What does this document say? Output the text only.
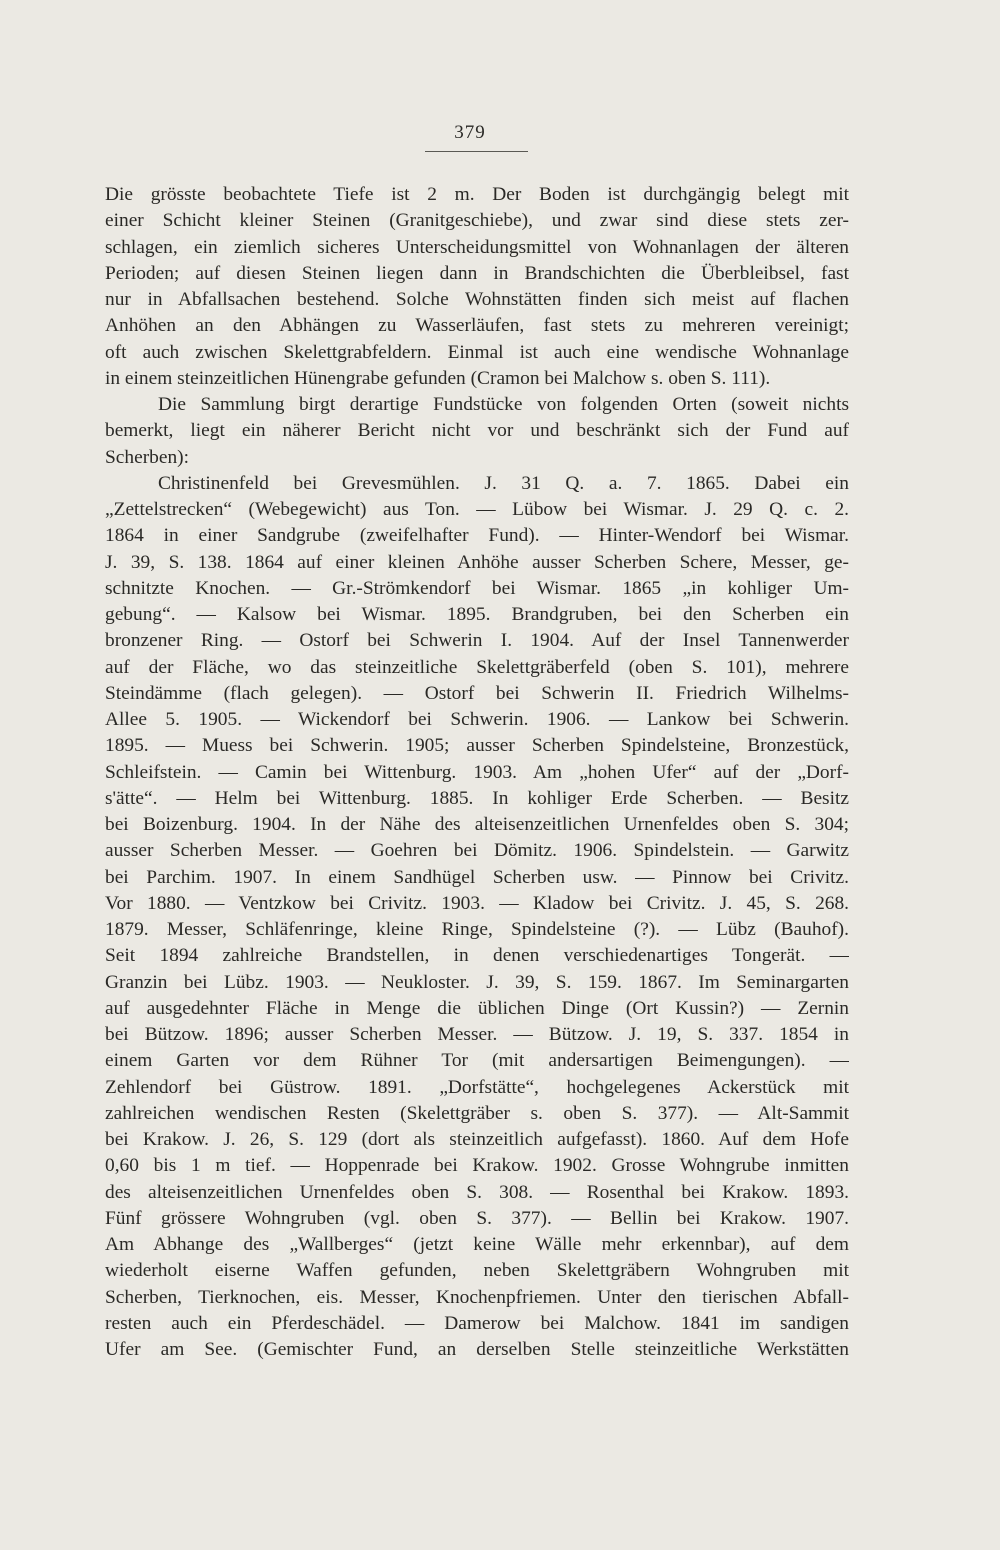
379

Die grösste beobachtete Tiefe ist 2 m. Der Boden ist durchgängig belegt mit
einer Schicht kleiner Steinen (Granitgeschiebe), und zwar sind diese stets zer-
schlagen, ein ziemlich sicheres Unterscheidungsmittel von Wohnanlagen der älteren
Perioden; auf diesen Steinen liegen dann in Brandschichten die Überbleibsel, fast
nur in Abfallsachen bestehend. Solche Wohnstätten finden sich meist auf flachen
Anhöhen an den Abhängen zu Wasserläufen, fast stets zu mehreren vereinigt;
oft auch zwischen Skelettgrabfeldern. Einmal ist auch eine wendische Wohnanlage
in einem steinzeitlichen Hünengrabe gefunden (Cramon bei Malchow s. oben S. 111).

Die Sammlung birgt derartige Fundstücke von folgenden Orten (soweit nichts
bemerkt, liegt ein näherer Bericht nicht vor und beschränkt sich der Fund auf
Scherben):

Christinenfeld bei Grevesmühlen. J. 31 Q. a. 7. 1865. Dabei ein
„Zettelstrecken“ (Webegewicht) aus Ton. — Lübow bei Wismar. J. 29 Q. c. 2.
1864 in einer Sandgrube (zweifelhafter Fund). — Hinter-Wendorf bei Wismar.
J. 39, S. 138. 1864 auf einer kleinen Anhöhe ausser Scherben Schere, Messer, ge-
schnitzte Knochen. — Gr.-Strömkendorf bei Wismar. 1865 „in kohliger Um-
gebung“. — Kalsow bei Wismar. 1895. Brandgruben, bei den Scherben ein
bronzener Ring. — Ostorf bei Schwerin I. 1904. Auf der Insel Tannenwerder
auf der Fläche, wo das steinzeitliche Skelettgräberfeld (oben S. 101), mehrere
Steindämme (flach gelegen). — Ostorf bei Schwerin II. Friedrich Wilhelms-
Allee 5. 1905. — Wickendorf bei Schwerin. 1906. — Lankow bei Schwerin.
1895. — Muess bei Schwerin. 1905; ausser Scherben Spindelsteine, Bronzestück,
Schleifstein. — Camin bei Wittenburg. 1903. Am „hohen Ufer“ auf der „Dorf-
s'ätte“. — Helm bei Wittenburg. 1885. In kohliger Erde Scherben. — Besitz
bei Boizenburg. 1904. In der Nähe des alteisenzeitlichen Urnenfeldes oben S. 304;
ausser Scherben Messer. — Goehren bei Dömitz. 1906. Spindelstein. — Garwitz
bei Parchim. 1907. In einem Sandhügel Scherben usw. — Pinnow bei Crivitz.
Vor 1880. — Ventzkow bei Crivitz. 1903. — Kladow bei Crivitz. J. 45, S. 268.
1879. Messer, Schläfenringe, kleine Ringe, Spindelsteine (?). — Lübz (Bauhof).
Seit 1894 zahlreiche Brandstellen, in denen verschiedenartiges Tongerät. —
Granzin bei Lübz. 1903. — Neukloster. J. 39, S. 159. 1867. Im Seminargarten
auf ausgedehnter Fläche in Menge die üblichen Dinge (Ort Kussin?) — Zernin
bei Bützow. 1896; ausser Scherben Messer. — Bützow. J. 19, S. 337. 1854 in
einem Garten vor dem Rühner Tor (mit andersartigen Beimengungen). —
Zehlendorf bei Güstrow. 1891. „Dorfstätte“, hochgelegenes Ackerstück mit
zahlreichen wendischen Resten (Skelettgräber s. oben S. 377). — Alt-Sammit
bei Krakow. J. 26, S. 129 (dort als steinzeitlich aufgefasst). 1860. Auf dem Hofe
0,60 bis 1 m tief. — Hoppenrade bei Krakow. 1902. Grosse Wohngrube inmitten
des alteisenzeitlichen Urnenfeldes oben S. 308. — Rosenthal bei Krakow. 1893.
Fünf grössere Wohngruben (vgl. oben S. 377). — Bellin bei Krakow. 1907.
Am Abhange des „Wallberges“ (jetzt keine Wälle mehr erkennbar), auf dem
wiederholt eiserne Waffen gefunden, neben Skelettgräbern Wohngruben mit
Scherben, Tierknochen, eis. Messer, Knochenpfriemen. Unter den tierischen Abfall-
resten auch ein Pferdeschädel. — Damerow bei Malchow. 1841 im sandigen
Ufer am See. (Gemischter Fund, an derselben Stelle steinzeitliche Werkstätten
